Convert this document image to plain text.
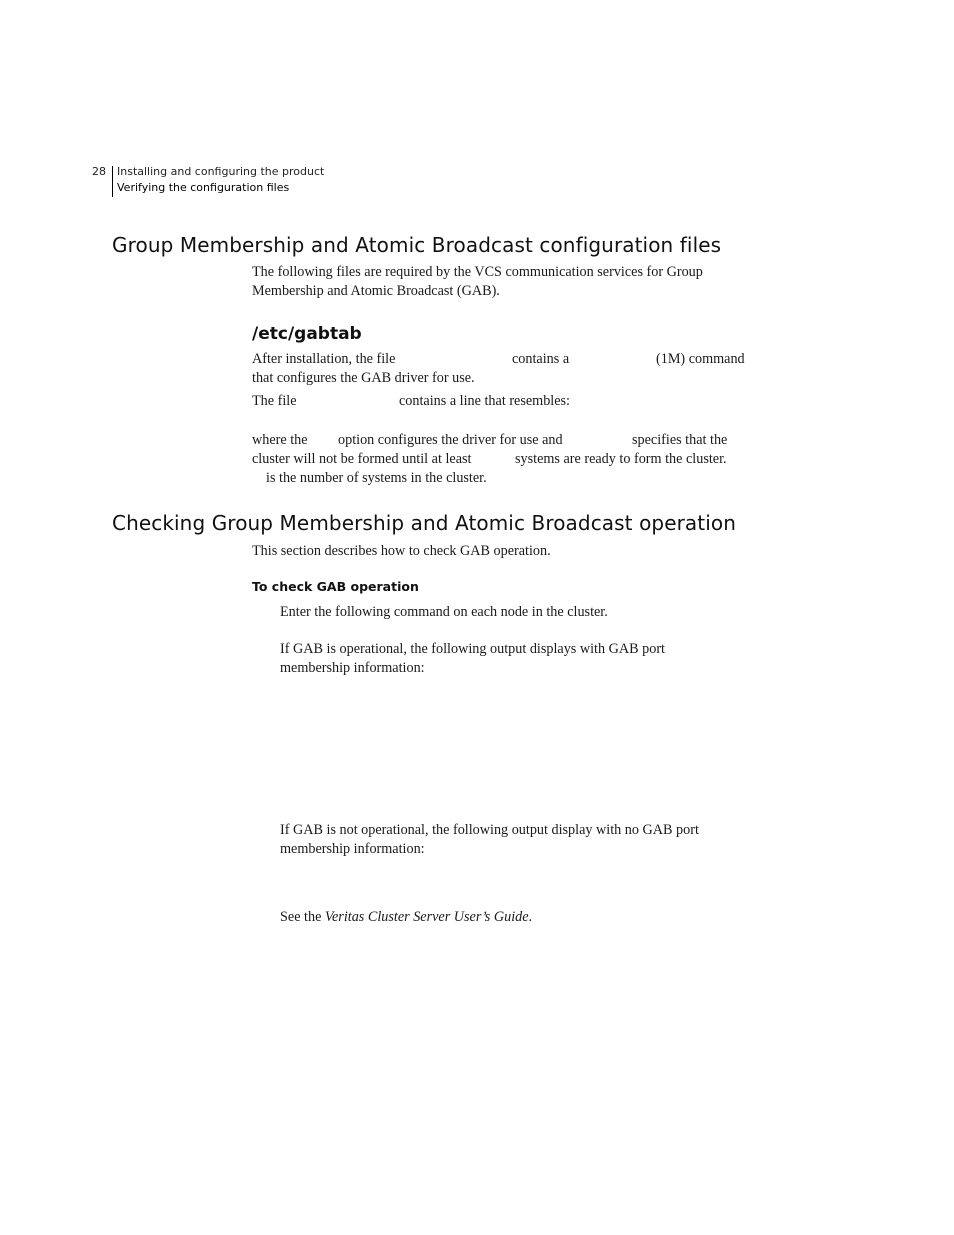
28 Installing and configuring the product
Verifying the configuration files
Group Membership and Atomic Broadcast configuration files
The following files are required by the VCS communication services for Group
Membership and Atomic Broadcast (GAB).
/etc/gabtab
After installation, the file	contains a	(1M) command
that configures the GAB driver for use.
The file	contains a line that resembles:
where the option configures the driver for use and	specifies that the
cluster will not be formed until at least	systems are ready to form the cluster.
is the number of systems in the cluster.
Checking Group Membership and Atomic Broadcast operation
This section describes how to check GAB operation.
To check GAB operation
Enter the following command on each node in the cluster.
If GAB is operational, the following output displays with GAB port
membership information:
If GAB is not operational, the following output display with no GAB port
membership information:
See the Veritas Cluster Server User’s Guide.
